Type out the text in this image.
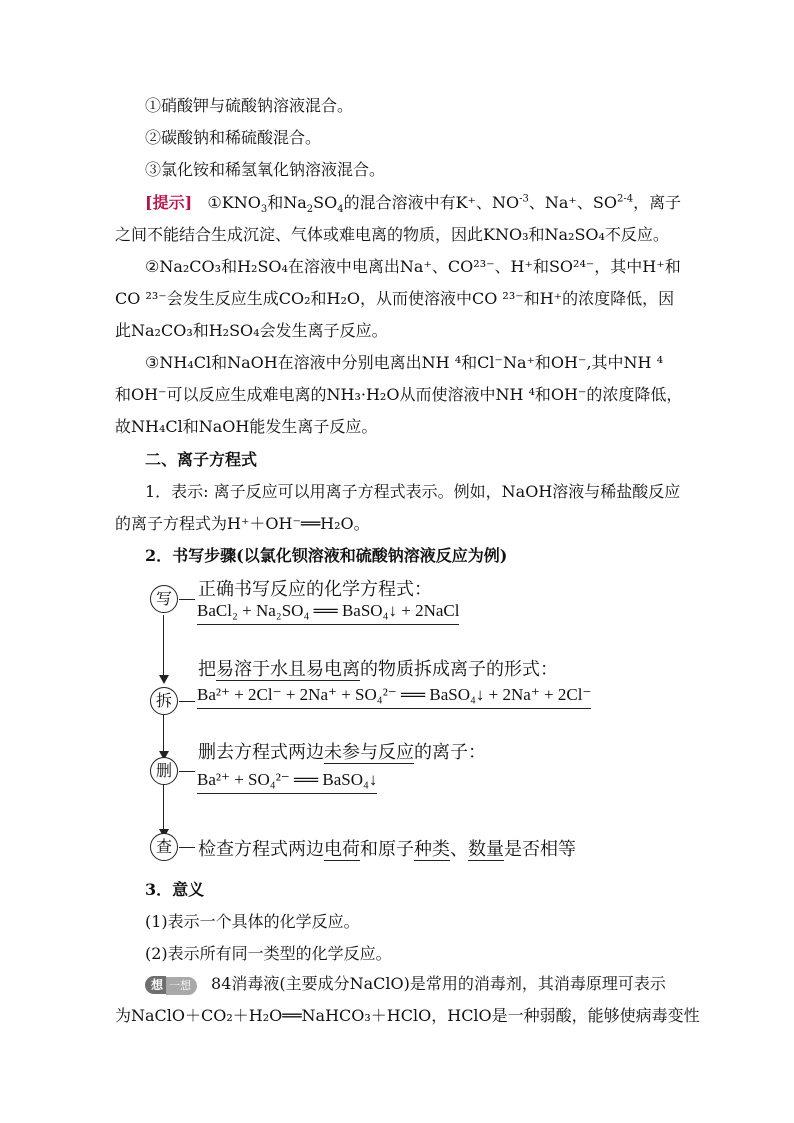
①硝酸钾与硫酸钠溶液混合。
②碳酸钠和稀硫酸混合。
③氯化铵和稀氢氧化钠溶液混合。
[提示] $①KNO_3$和$Na_2SO_4$的混合溶液中有K⁺、$NO^{-3}$、Na⁺、SO$^{2-4}$，离子
之间不能结合生成沉淀、气体或难电离的物质，因此KNO₃和Na₂SO₄不反应。
②Na₂CO₃和H₂SO₄在溶液中电离出Na⁺、CO²³⁻、H⁺和SO²⁴⁻，其中H⁺和
CO ²³⁻会发生反应生成CO₂和H₂O，从而使溶液中CO ²³⁻和H⁺的浓度降低，因
此Na₂CO₃和H₂SO₄会发生离子反应。
③NH₄Cl和NaOH在溶液中分别电离出NH ⁴和Cl⁻Na⁺和OH⁻,其中NH ⁴
和OH⁻可以反应生成难电离的NH₃·H₂O从而使溶液中NH ⁴和OH⁻的浓度降低，
故NH₄Cl和NaOH能发生离子反应。
二、离子方程式
1．表示: 离子反应可以用离子方程式表示。例如，NaOH溶液与稀盐酸反应
的离子方程式为H⁺＋OH⁻══H₂O。
2．书写步骤(以氯化钡溶液和硫酸钠溶液反应为例)
写	正确书写反应的化学方程式：
BaCl₂ + Na₂SO₄ ══ BaSO₄↓ + 2NaCl
拆
把易溶于水且易电离的物质拆成离子的形式：
Ba²⁺ + 2Cl⁻ + 2Na⁺ + SO₄²⁻ ══ BaSO₄↓ + 2Na⁺ + 2Cl⁻
删
删去方程式两边未参与反应的离子：
Ba²⁺ + SO₄²⁻ ══ BaSO₄↓
查	检查方程式两边电荷和原子种类、数量是否相等
3．意义
(1)表示一个具体的化学反应。
(2)表示所有同一类型的化学反应。
想 一想 84消毒液(主要成分NaClO)是常用的消毒剂，其消毒原理可表示
为NaClO＋CO₂＋H₂O══NaHCO₃＋HClO，HClO是一种弱酸，能够使病毒变性
